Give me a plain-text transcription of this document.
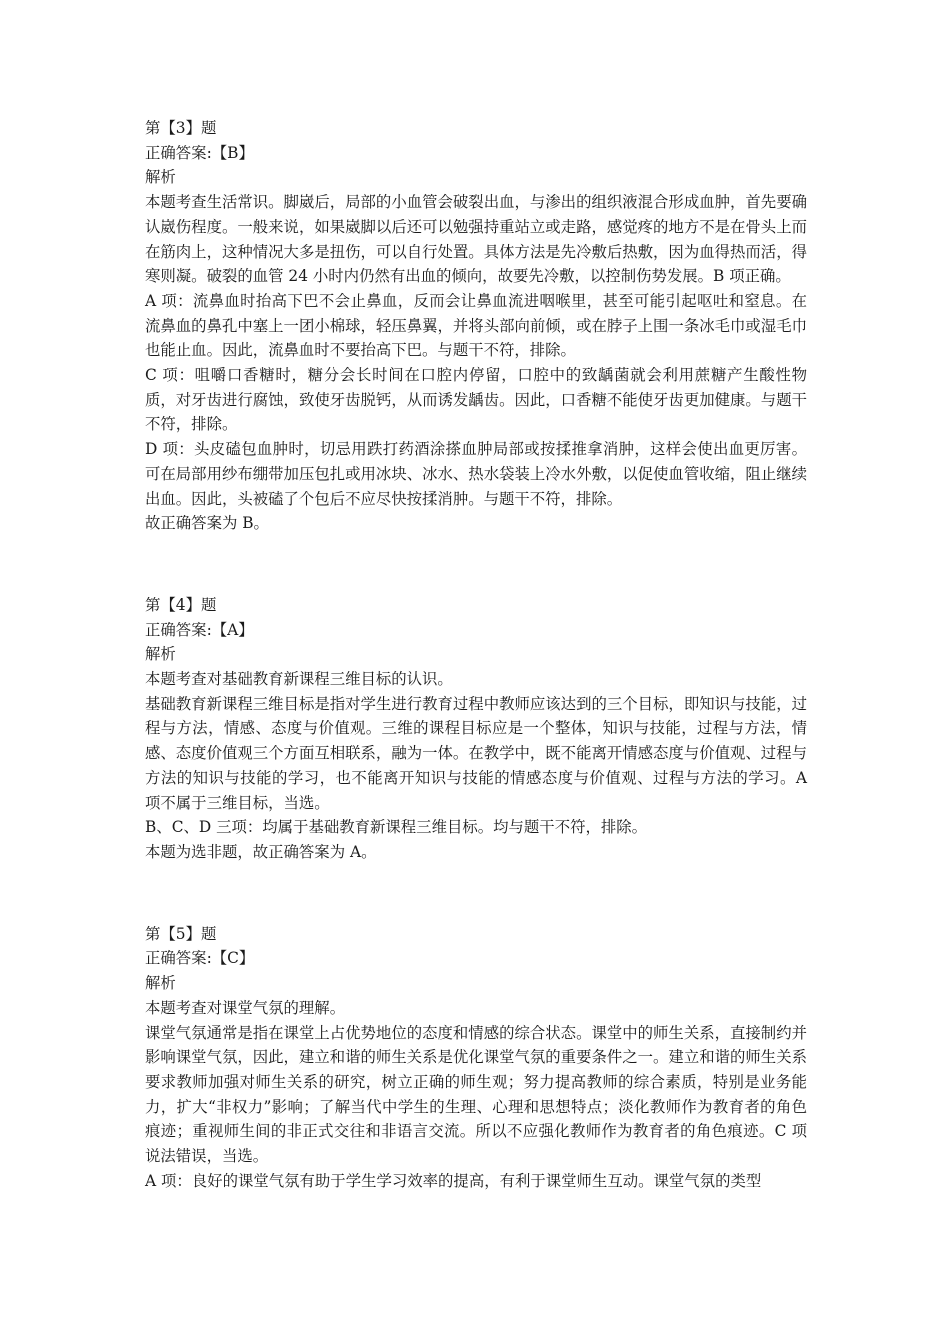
第【3】题
正确答案:【B】
解析
本题考查生活常识。脚崴后，局部的小血管会破裂出血，与渗出的组织液混合形成血肿，首先要确认崴伤程度。一般来说，如果崴脚以后还可以勉强持重站立或走路，感觉疼的地方不是在骨头上而在筋肉上，这种情况大多是扭伤，可以自行处置。具体方法是先冷敷后热敷，因为血得热而活，得寒则凝。破裂的血管 24 小时内仍然有出血的倾向，故要先冷敷，以控制伤势发展。B 项正确。
A 项：流鼻血时抬高下巴不会止鼻血，反而会让鼻血流进咽喉里，甚至可能引起呕吐和窒息。在流鼻血的鼻孔中塞上一团小棉球，轻压鼻翼，并将头部向前倾，或在脖子上围一条冰毛巾或湿毛巾也能止血。因此，流鼻血时不要抬高下巴。与题干不符，排除。
C 项：咀嚼口香糖时，糖分会长时间在口腔内停留，口腔中的致龋菌就会利用蔗糖产生酸性物质，对牙齿进行腐蚀，致使牙齿脱钙，从而诱发龋齿。因此，口香糖不能使牙齿更加健康。与题干不符，排除。
D 项：头皮磕包血肿时，切忌用跌打药酒涂搽血肿局部或按揉推拿消肿，这样会使出血更厉害。可在局部用纱布绷带加压包扎或用冰块、冰水、热水袋装上冷水外敷，以促使血管收缩，阻止继续出血。因此，头被磕了个包后不应尽快按揉消肿。与题干不符，排除。
故正确答案为 B。
第【4】题
正确答案:【A】
解析
本题考查对基础教育新课程三维目标的认识。
基础教育新课程三维目标是指对学生进行教育过程中教师应该达到的三个目标，即知识与技能，过程与方法，情感、态度与价值观。三维的课程目标应是一个整体，知识与技能，过程与方法，情感、态度价值观三个方面互相联系，融为一体。在教学中，既不能离开情感态度与价值观、过程与方法的知识与技能的学习，也不能离开知识与技能的情感态度与价值观、过程与方法的学习。A 项不属于三维目标，当选。
B、C、D 三项：均属于基础教育新课程三维目标。均与题干不符，排除。
本题为选非题，故正确答案为 A。
第【5】题
正确答案:【C】
解析
本题考查对课堂气氛的理解。
课堂气氛通常是指在课堂上占优势地位的态度和情感的综合状态。课堂中的师生关系，直接制约并影响课堂气氛，因此，建立和谐的师生关系是优化课堂气氛的重要条件之一。建立和谐的师生关系要求教师加强对师生关系的研究，树立正确的师生观；努力提高教师的综合素质，特别是业务能力，扩大“非权力”影响；了解当代中学生的生理、心理和思想特点；淡化教师作为教育者的角色痕迹；重视师生间的非正式交往和非语言交流。所以不应强化教师作为教育者的角色痕迹。C 项说法错误，当选。
A 项：良好的课堂气氛有助于学生学习效率的提高，有利于课堂师生互动。课堂气氛的类型
